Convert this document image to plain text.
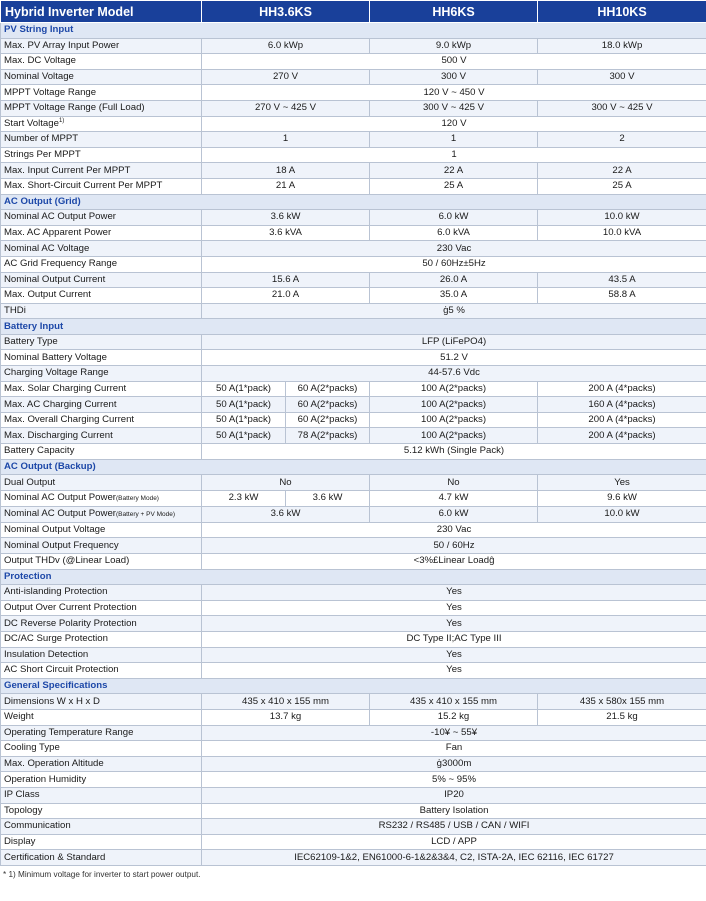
Hybrid Inverter Model	HH3.6KS		HH6KS	HH10KS
PV String Input				
Max. PV Array Input Power	6.0 kWp		9.0 kWp	18.0 kWp
Max. DC Voltage	500 V			
Nominal Voltage	270 V		300 V	300 V
MPPT Voltage Range	120 V ~ 450 V			
MPPT Voltage Range (Full Load)	270 V ~ 425 V		300 V ~ 425 V	300 V ~ 425 V
Start Voltage$^{1)}$	120 V			
Number of MPPT	1		1	2
Strings Per MPPT	1			
Max. Input Current Per MPPT	18 A		22 A	22 A
Max. Short-Circuit Current Per MPPT	21 A		25 A	25 A
AC Output (Grid)				
Nominal AC Output Power	3.6 kW		6.0 kW	10.0 kW
Max. AC Apparent Power	3.6 kVA		6.0 kVA	10.0 kVA
Nominal AC Voltage	230 Vac			
AC Grid Frequency Range	50 / 60Hz±5Hz			
Nominal Output Current	15.6 A		26.0 A	43.5 A
Max. Output Current	21.0 A		35.0 A	58.8 A
THDi	ģ5 %			
Battery Input				
Battery Type	LFP (LiFePO4)			
Nominal Battery Voltage	51.2 V			
Charging Voltage Range	44-57.6 Vdc			
Max. Solar Charging Current	50 A(1*pack)	60 A(2*packs)	100 A(2*packs)	200 A (4*packs)
Max. AC Charging Current	50 A(1*pack)	60 A(2*packs)	100 A(2*packs)	160 A (4*packs)
Max. Overall Charging Current	50 A(1*pack)	60 A(2*packs)	100 A(2*packs)	200 A (4*packs)
Max. Discharging Current	50 A(1*pack)	78 A(2*packs)	100 A(2*packs)	200 A (4*packs)
Battery Capacity	5.12 kWh (Single Pack)			
AC Output (Backup)				
Dual Output	No		No	Yes
Nominal AC Output Power(Battery Mode)	2.3 kW	3.6 kW	4.7 kW	9.6 kW
Nominal AC Output Power(Battery + PV Mode)	3.6 kW		6.0 kW	10.0 kW
Nominal Output Voltage	230 Vac			
Nominal Output Frequency	50 / 60Hz			
Output THDv (@Linear Load)	<3%£Linear Loadĝ			
Protection				
Anti-islanding Protection	Yes			
Output Over Current Protection	Yes			
DC Reverse Polarity Protection	Yes			
DC/AC Surge Protection	DC Type II;AC Type III			
Insulation Detection	Yes			
AC Short Circuit Protection	Yes			
General Specifications				
Dimensions W x H x D	435 x 410 x 155 mm		435 x 410 x 155 mm	435 x 580x 155 mm
Weight	13.7 kg		15.2 kg	21.5 kg
Operating Temperature Range	-10¥ ~ 55¥			
Cooling Type	Fan			
Max. Operation Altitude	ģ3000m			
Operation Humidity	5% ~ 95%			
IP Class	IP20			
Topology	Battery Isolation			
Communication	RS232 / RS485 / USB / CAN / WIFI			
Display	LCD / APP			
Certification & Standard	IEC62109-1&2, EN61000-6-1&2&3&4, C2, ISTA-2A, IEC 62116, IEC 61727			
* 1) Minimum voltage for inverter to start power output.
